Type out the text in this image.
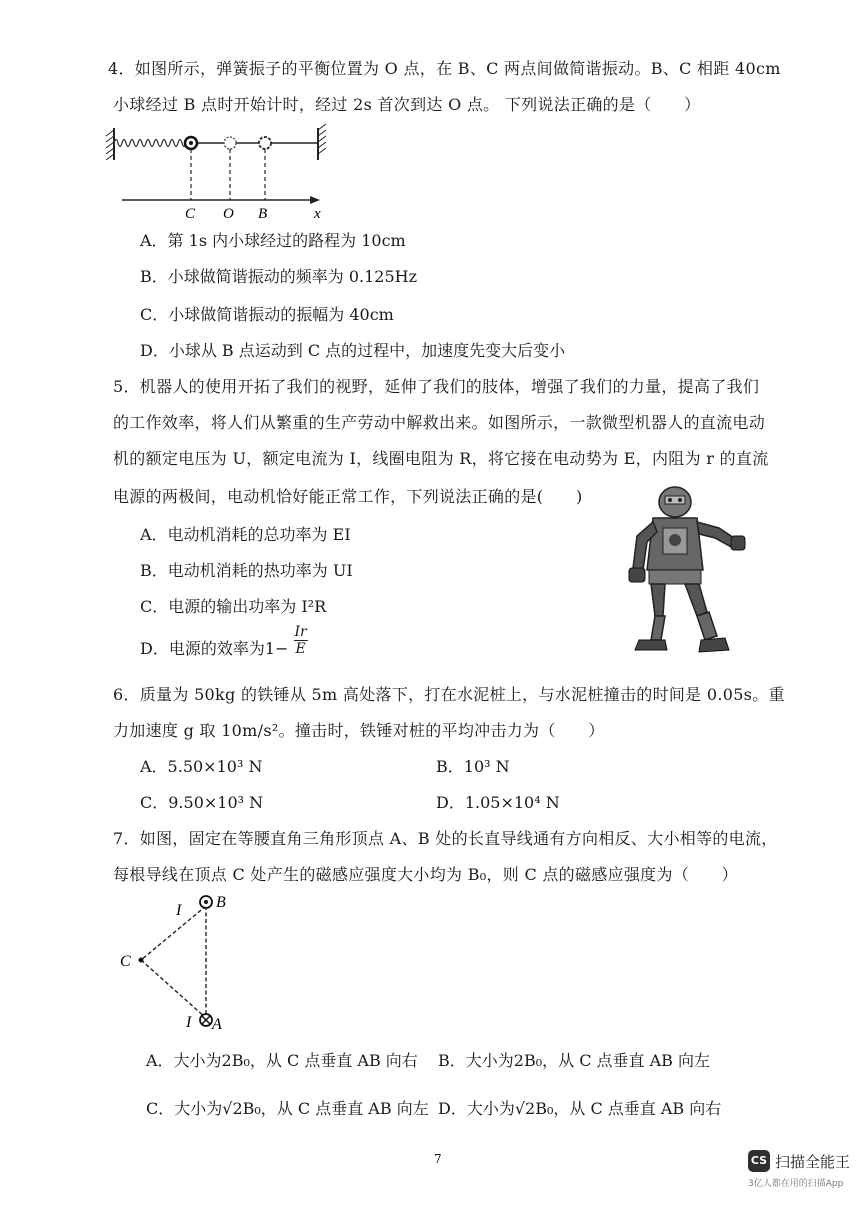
4．如图所示，弹簧振子的平衡位置为 O 点，在 B、C 两点间做简谐振动。B、C 相距 40cm
小球经过 B 点时开始计时，经过 2s 首次到达 O 点。 下列说法正确的是（　　）
C O B	x
A．第 1s 内小球经过的路程为 10cm
B．小球做简谐振动的频率为 0.125Hz
C．小球做简谐振动的振幅为 40cm
D．小球从 B 点运动到 C 点的过程中，加速度先变大后变小
5．机器人的使用开拓了我们的视野，延伸了我们的肢体，增强了我们的力量，提高了我们
的工作效率，将人们从繁重的生产劳动中解救出来。如图所示，一款微型机器人的直流电动
机的额定电压为 U，额定电流为 I，线圈电阻为 R，将它接在电动势为 E，内阻为 r 的直流
电源的两极间，电动机恰好能正常工作，下列说法正确的是(　　)
A．电动机消耗的总功率为 EI
B．电动机消耗的热功率为 UI
C．电源的输出功率为 I²R
D．电源的效率为$1- \frac{Ir}{E}$
6．质量为 50kg 的铁锤从 5m 高处落下，打在水泥桩上，与水泥桩撞击的时间是 0.05s。重
力加速度 g 取 10m/s²。撞击时，铁锤对桩的平均冲击力为（　　）
A．5.50×10³ N	B．10³ N
C．9.50×10³ N	D．1.05×10⁴ N
7．如图，固定在等腰直角三角形顶点 A、B 处的长直导线通有方向相反、大小相等的电流，
每根导线在顶点 C 处产生的磁感应强度大小均为 B₀，则 C 点的磁感应强度为（　　）
I B
C
I A
A．大小为2B₀，从 C 点垂直 AB 向右 B．大小为2B₀，从 C 点垂直 AB 向左
C．大小为√2B₀，从 C 点垂直 AB 向左 D．大小为√2B₀，从 C 点垂直 AB 向右
7	CS 扫描全能王
3亿人都在用的扫描App
